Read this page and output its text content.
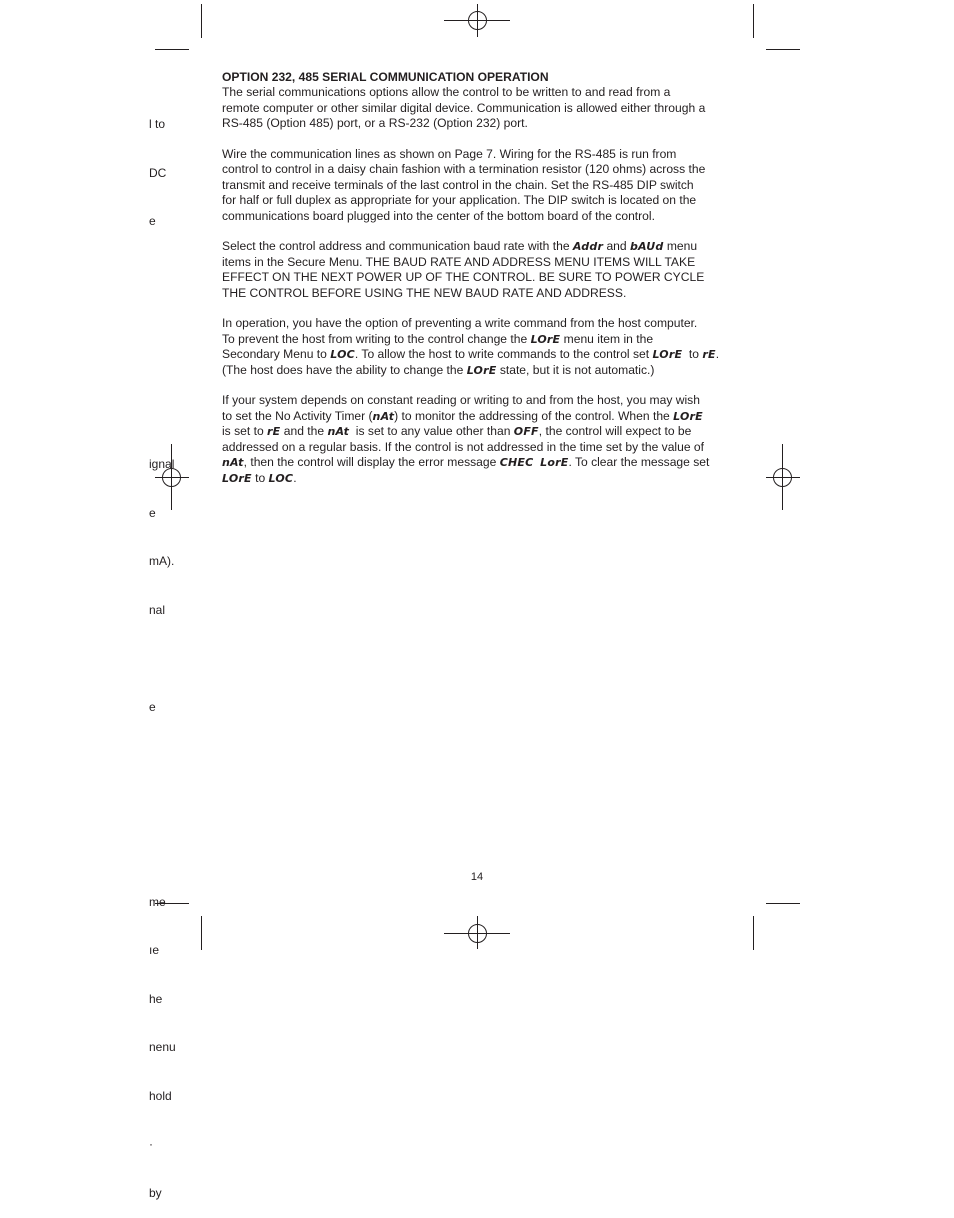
l to

DC

e

ignal

e

mA).

nal

e

me

ıe

he

nenu

hold

·

by

OPTION 232, 485 SERIAL COMMUNICATION OPERATION
The serial communications options allow the control to be written to and read from a
remote computer or other similar digital device. Communication is allowed either through a
RS-485 (Option 485) port, or a RS-232 (Option 232) port.
Wire the communication lines as shown on Page 7. Wiring for the RS-485 is run from
control to control in a daisy chain fashion with a termination resistor (120 ohms) across the
transmit and receive terminals of the last control in the chain. Set the RS-485 DIP switch
for half or full duplex as appropriate for your application. The DIP switch is located on the
communications board plugged into the center of the bottom board of the control.
Select the control address and communication baud rate with the Addr and bAUd menu
items in the Secure Menu. THE BAUD RATE AND ADDRESS MENU ITEMS WILL TAKE
EFFECT ON THE NEXT POWER UP OF THE CONTROL. BE SURE TO POWER CYCLE
THE CONTROL BEFORE USING THE NEW BAUD RATE AND ADDRESS.
In operation, you have the option of preventing a write command from the host computer.
To prevent the host from writing to the control change the LOrE menu item in the
Secondary Menu to LOC. To allow the host to write commands to the control set LOrE  to rE.
(The host does have the ability to change the LOrE state, but it is not automatic.)
If your system depends on constant reading or writing to and from the host, you may wish
to set the No Activity Timer (nAt) to monitor the addressing of the control. When the LOrE
is set to rE and the nAt  is set to any value other than OFF, the control will expect to be
addressed on a regular basis. If the control is not addressed in the time set by the value of
nAt, then the control will display the error message CHEC LorE. To clear the message set
LOrE to LOC.
14
